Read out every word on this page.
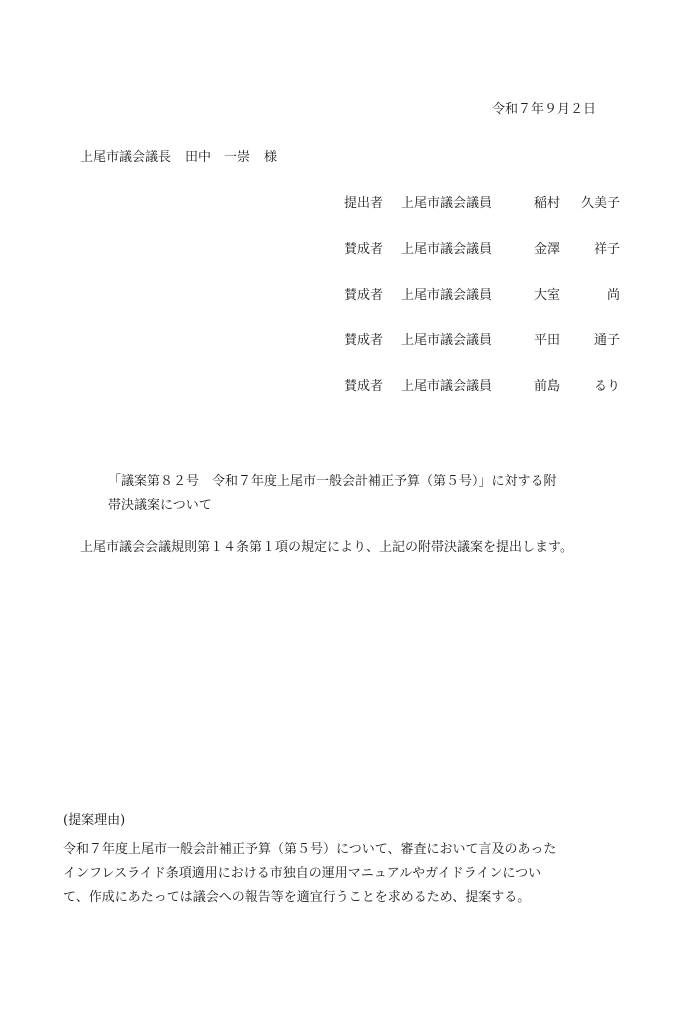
令和７年９月２日
上尾市議会議長 田中　一崇 様
提出者 上尾市議会議員	稲村 久美子
賛成者 上尾市議会議員	金澤	祥子
賛成者 上尾市議会議員	大室	尚
賛成者 上尾市議会議員	平田	通子
賛成者 上尾市議会議員	前島	るり
「議案第８２号　令和７年度上尾市一般会計補正予算（第５号）」に対する附
帯決議案について
上尾市議会会議規則第１４条第１項の規定により、上記の附帯決議案を提出します。
(提案理由)
令和７年度上尾市一般会計補正予算（第５号）について、審査において言及のあった
インフレスライド条項適用における市独自の運用マニュアルやガイドラインについ
て、作成にあたっては議会への報告等を適宜行うことを求めるため、提案する。
